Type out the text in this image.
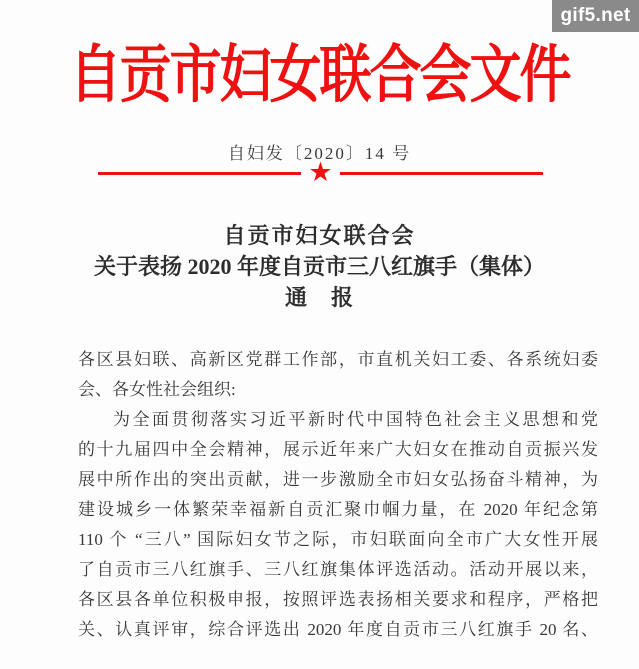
gif5.net
自贡市妇女联合会文件
自妇发〔2020〕14 号
★
自贡市妇女联合会
关于表扬 2020 年度自贡市三八红旗手（集体）
通　报
各区县妇联、高新区党群工作部，市直机关妇工委、各系统妇委
会、各女性社会组织:
为全面贯彻落实习近平新时代中国特色社会主义思想和党
的十九届四中全会精神，展示近年来广大妇女在推动自贡振兴发
展中所作出的突出贡献，进一步激励全市妇女弘扬奋斗精神，为
建设城乡一体繁荣幸福新自贡汇聚巾帼力量，在 2020 年纪念第
110 个 “三八” 国际妇女节之际，市妇联面向全市广大女性开展
了自贡市三八红旗手、三八红旗集体评选活动。活动开展以来，
各区县各单位积极申报，按照评选表扬相关要求和程序，严格把
关、认真评审，综合评选出 2020 年度自贡市三八红旗手 20 名、
